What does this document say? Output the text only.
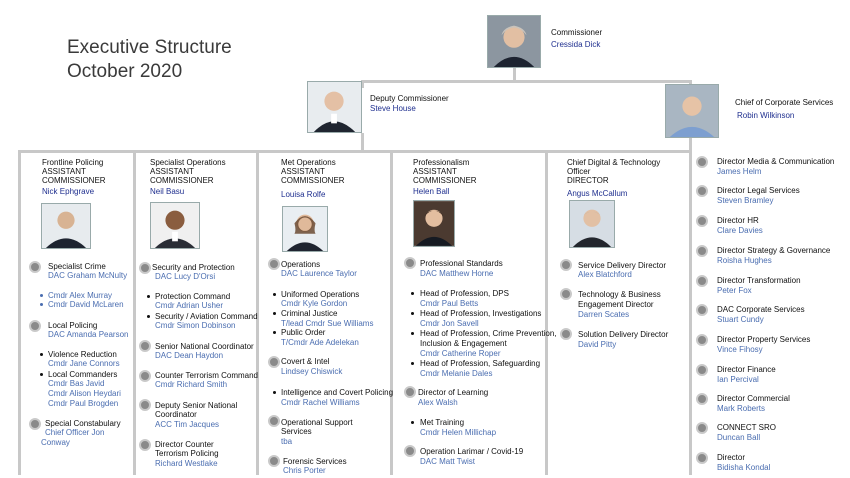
Executive Structure
October 2020
Commissioner
Cressida Dick
Deputy Commissioner
Steve House
Chief of Corporate Services
Robin Wilkinson
Frontline Policing
ASSISTANT
COMMISSIONER
Nick Ephgrave
Specialist Crime
DAC Graham McNulty
Cmdr Alex Murray
Cmdr David McLaren
Local Policing
DAC Amanda Pearson
Violence Reduction
Cmdr Jane Connors
Local Commanders
Cmdr Bas Javid
Cmdr Alison Heydari
Cmdr Paul Brogden
Special Constabulary
Chief Officer Jon
Conway
Specialist Operations
ASSISTANT
COMMISSIONER
Neil Basu
Security and Protection
DAC Lucy D'Orsi
Protection Command
Cmdr Adrian Usher
Security / Aviation Command
Cmdr Simon Dobinson
Senior National Coordinator
DAC Dean Haydon
Counter Terrorism Command
Cmdr Richard Smith
Deputy Senior National
Coordinator
ACC Tim Jacques
Director Counter
Terrorism Policing
Richard Westlake
Met Operations
ASSISTANT
COMMISSIONER
Louisa Rolfe
Operations
DAC Laurence Taylor
Uniformed Operations
Cmdr Kyle Gordon
Criminal Justice
T/lead Cmdr Sue Williams
Public Order
T/Cmdr Ade Adelekan
Covert & Intel
Lindsey Chiswick
Intelligence and Covert Policing
Cmdr Rachel Williams
Operational Support
Services
tba
Forensic Services
Chris Porter
Professionalism
ASSISTANT
COMMISSIONER
Helen Ball
Professional Standards
DAC Matthew Horne
Head of Profession, DPS
Cmdr Paul Betts
Head of Profession, Investigations
Cmdr Jon Savell
Head of Profession, Crime Prevention,
Inclusion & Engagement
Cmdr Catherine Roper
Head of Profession, Safeguarding
Cmdr Melanie Dales
Director of Learning
Alex Walsh
Met Training
Cmdr Helen Millichap
Operation Larimar / Covid-19
DAC Matt Twist
Chief Digital & Technology
Officer
DIRECTOR
Angus McCallum
Service Delivery Director
Alex Blatchford
Technology & Business
Engagement Director
Darren Scates
Solution Delivery Director
David Pitty
Director Media & Communication
James Helm
Director Legal Services
Steven Bramley
Director HR
Clare Davies
Director Strategy & Governance
Roisha Hughes
Director Transformation
Peter Fox
DAC Corporate Services
Stuart Cundy
Director Property Services
Vince Fihosy
Director Finance
Ian Percival
Director Commercial
Mark Roberts
CONNECT SRO
Duncan Ball
Director
Bidisha Kondal
